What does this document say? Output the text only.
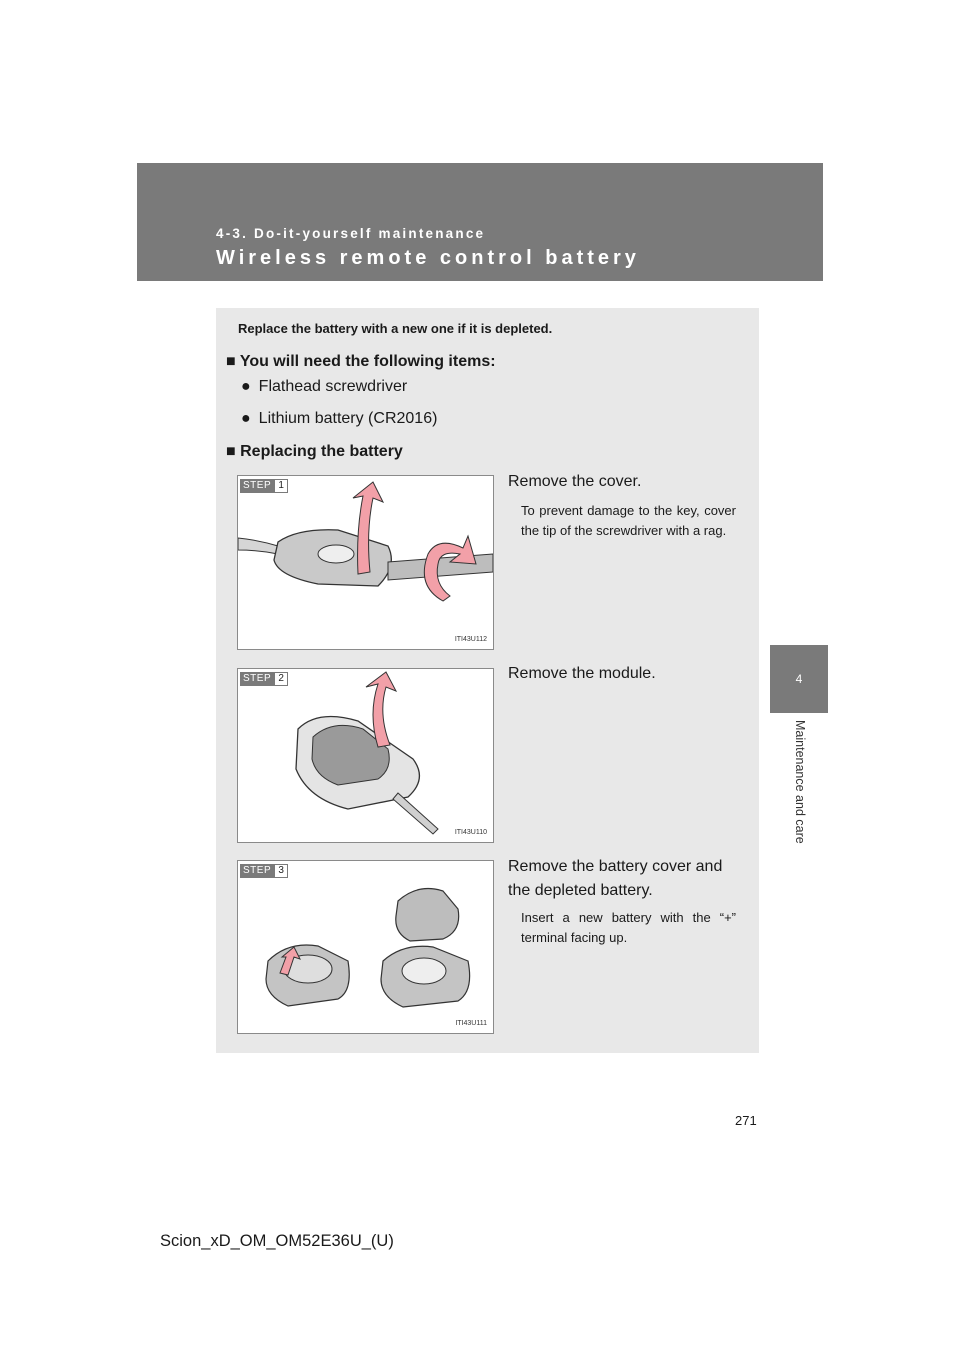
4-3. Do-it-yourself maintenance
Wireless remote control battery
4
Maintenance and care
Replace the battery with a new one if it is depleted.
■ You will need the following items:
● Flathead screwdriver
● Lithium battery (CR2016)
■ Replacing the battery
STEP 1
ITI43U112
Remove the cover.
To prevent damage to the key, cover the tip of the screwdriver with a rag.
STEP 2
ITI43U110
Remove the module.
STEP 3
ITI43U111
Remove the battery cover and the depleted battery.
Insert a new battery with the “+” terminal facing up.
271
Scion_xD_OM_OM52E36U_(U)
